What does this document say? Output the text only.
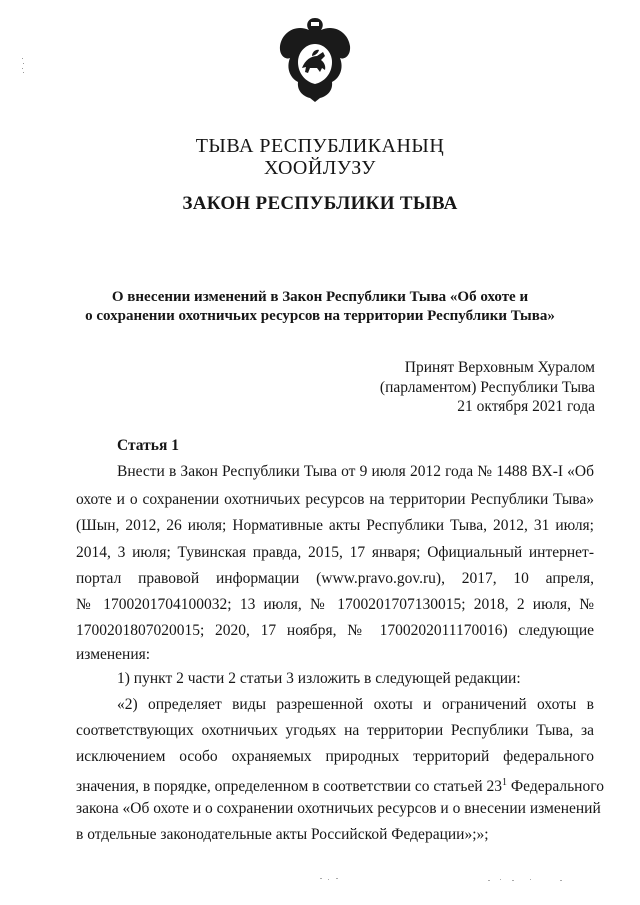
ТЫВА РЕСПУБЛИКАНЫҢ
ХООЙЛУЗУ
ЗАКОН РЕСПУБЛИКИ ТЫВА
О внесении изменений в Закон Республики Тыва «Об охоте и
о сохранении охотничьих ресурсов на территории Республики Тыва»
Принят Верховным Хуралом
(парламентом) Республики Тыва
21 октября 2021 года
Статья 1
Внести в Закон Республики Тыва от 9 июля 2012 года № 1488 ВХ-I «Об
охоте и о сохранении охотничьих ресурсов на территории Республики Тыва»
(Шын, 2012, 26 июля; Нормативные акты Республики Тыва, 2012, 31 июля;
2014, 3 июля; Тувинская правда, 2015, 17 января; Официальный интернет-
портал правовой информации (www.pravo.gov.ru), 2017, 10 апреля,
№ 1700201704100032; 13 июля, № 1700201707130015; 2018, 2 июля, №
1700201807020015; 2020, 17 ноября, № 1700202011170016) следующие
изменения:
1) пункт 2 части 2 статьи 3 изложить в следующей редакции:
«2) определяет виды разрешенной охоты и ограничений охоты в
соответствующих охотничьих угодьях на территории Республики Тыва, за
исключением особо охраняемых природных территорий федерального
значения, в порядке, определенном в соответствии со статьей $23^1$ Федерального
закона «Об охоте и о сохранении охотничьих ресурсов и о внесении изменений
в отдельные законодательные акты Российской Федерации»;»;
